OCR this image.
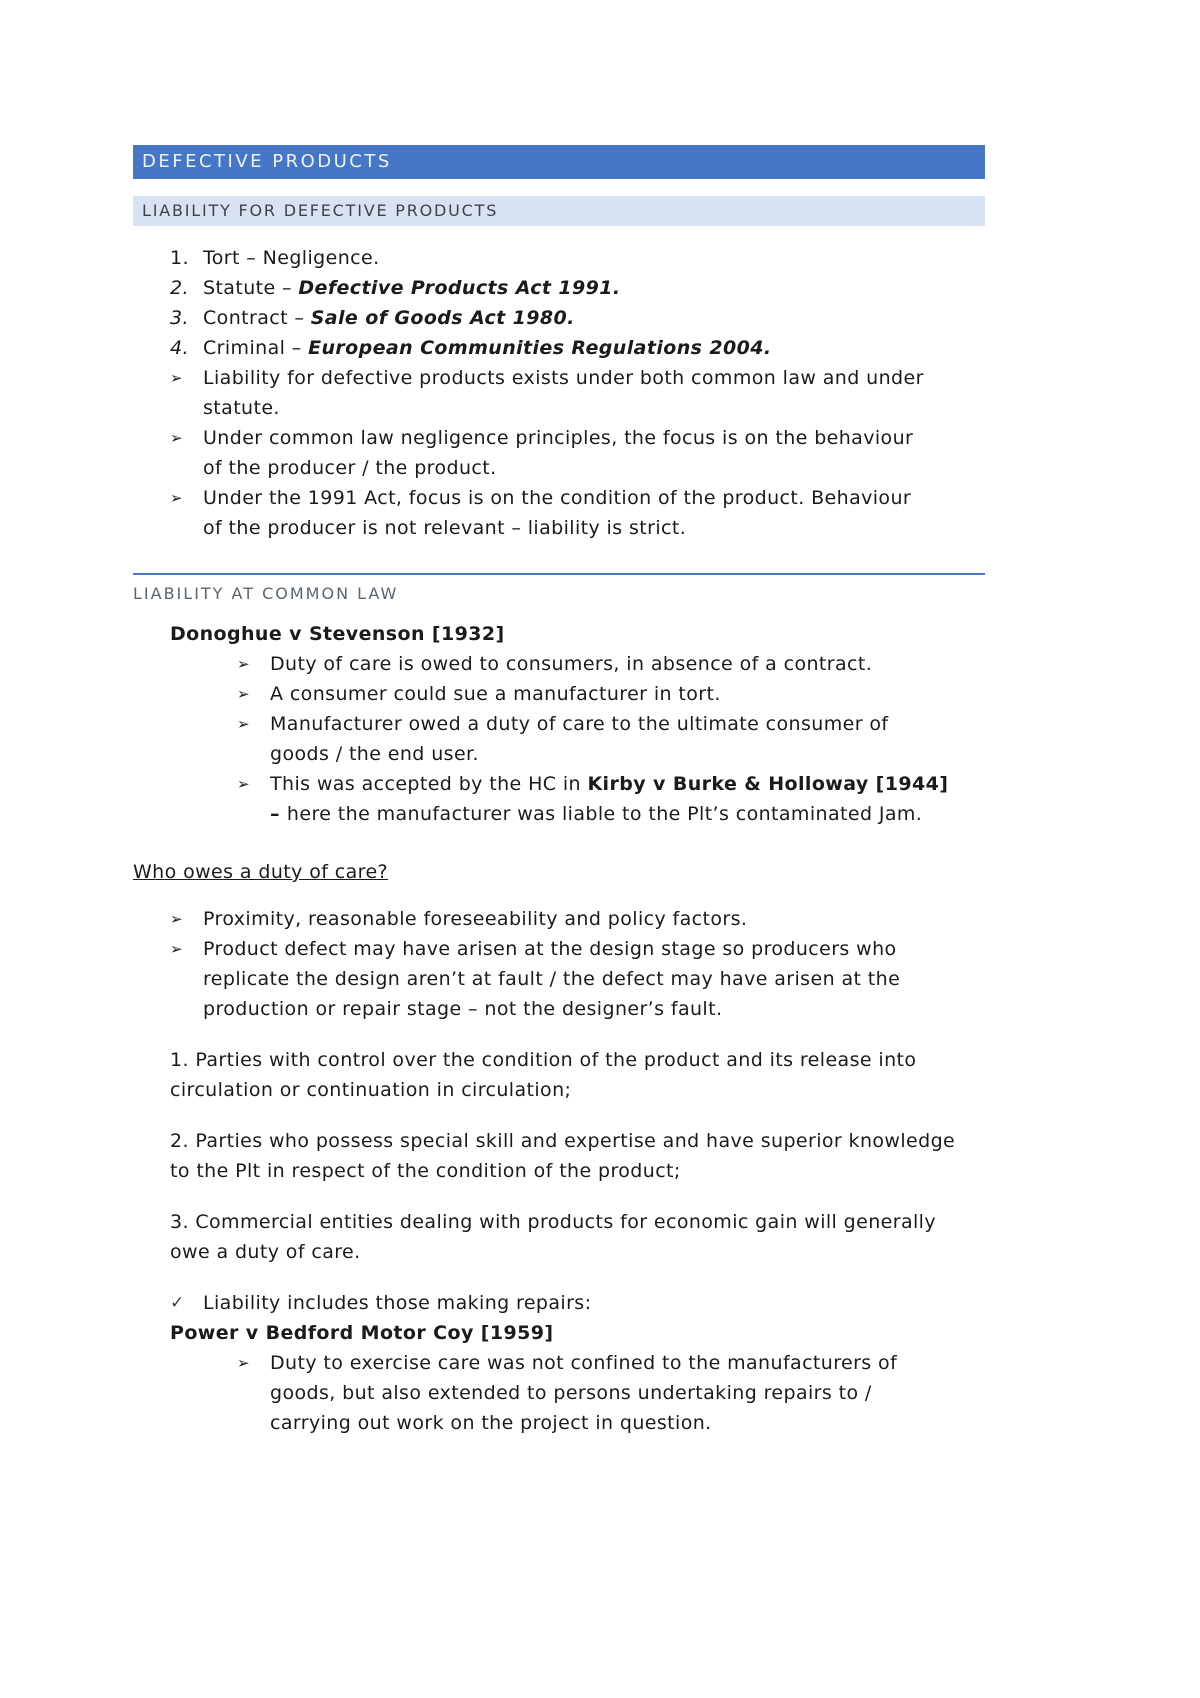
DEFECTIVE PRODUCTS
LIABILITY FOR DEFECTIVE PRODUCTS
1. Tort – Negligence.
2. Statute – Defective Products Act 1991.
3. Contract – Sale of Goods Act 1980.
4. Criminal – European Communities Regulations 2004.
➢	Liability for defective products exists under both common law and under statute.
➢	Under common law negligence principles, the focus is on the behaviour of the producer / the product.
➢	Under the 1991 Act, focus is on the condition of the product. Behaviour of the producer is not relevant – liability is strict.
LIABILITY AT COMMON LAW
Donoghue v Stevenson [1932]
➢	Duty of care is owed to consumers, in absence of a contract.
➢	A consumer could sue a manufacturer in tort.
➢	Manufacturer owed a duty of care to the ultimate consumer of goods / the end user.
➢	This was accepted by the HC in Kirby v Burke & Holloway [1944] – here the manufacturer was liable to the Plt’s contaminated Jam.
Who owes a duty of care?
➢	Proximity, reasonable foreseeability and policy factors.
➢	Product defect may have arisen at the design stage so producers who replicate the design aren’t at fault / the defect may have arisen at the production or repair stage – not the designer’s fault.
1. Parties with control over the condition of the product and its release into circulation or continuation in circulation;
2. Parties who possess special skill and expertise and have superior knowledge to the Plt in respect of the condition of the product;
3. Commercial entities dealing with products for economic gain will generally owe a duty of care.
✓ Liability includes those making repairs:
Power v Bedford Motor Coy [1959]
➢	Duty to exercise care was not confined to the manufacturers of goods, but also extended to persons undertaking repairs to / carrying out work on the project in question.
